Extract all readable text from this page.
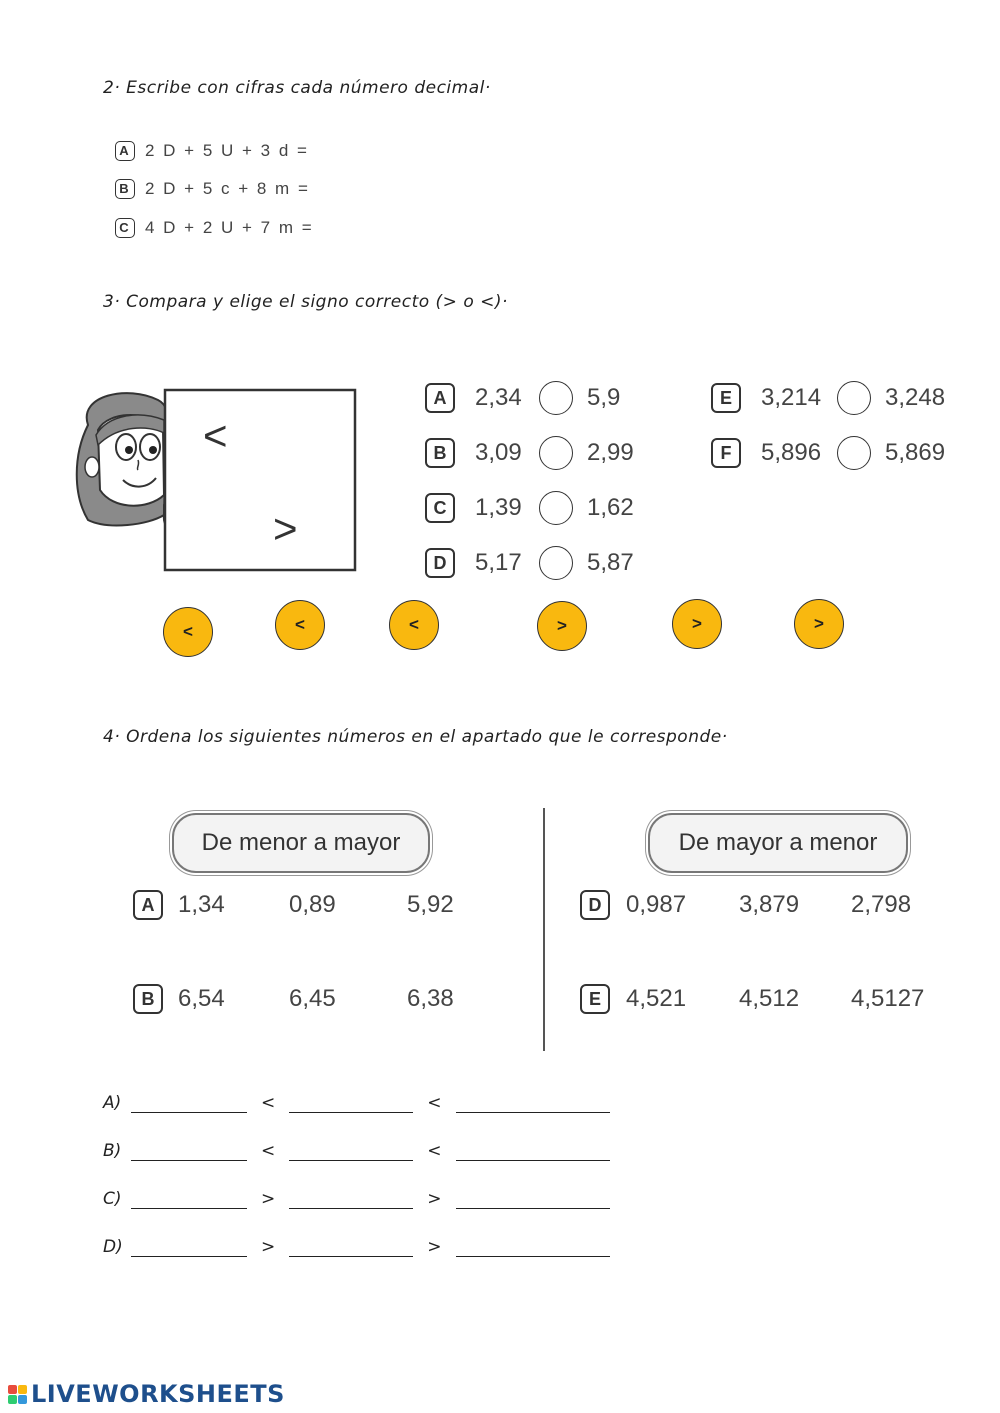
2· Escribe con cifras cada número decimal·
A 2 D + 5 U + 3 d =
B 2 D + 5 c + 8 m =
C 4 D + 2 U + 7 m =
3· Compara y elige el signo correcto (> o <)·
<
>
A	2,34	5,9
B	3,09	2,99
C	1,39	1,62
D	5,17	5,87
E	3,214	3,248
F	5,896	5,869
<	<	<	>	>	>
4· Ordena los siguientes números en el apartado que le corresponde·
De menor a mayor	De mayor a menor
A 1,34	0,89	5,92
B 6,54	6,45	6,38
D	0,987	3,879	2,798
E	4,521	4,512	4,5127
A)	<	<
B)	<	<
C)	>	>
D)	>	>
LIVEWORKSHEETS
